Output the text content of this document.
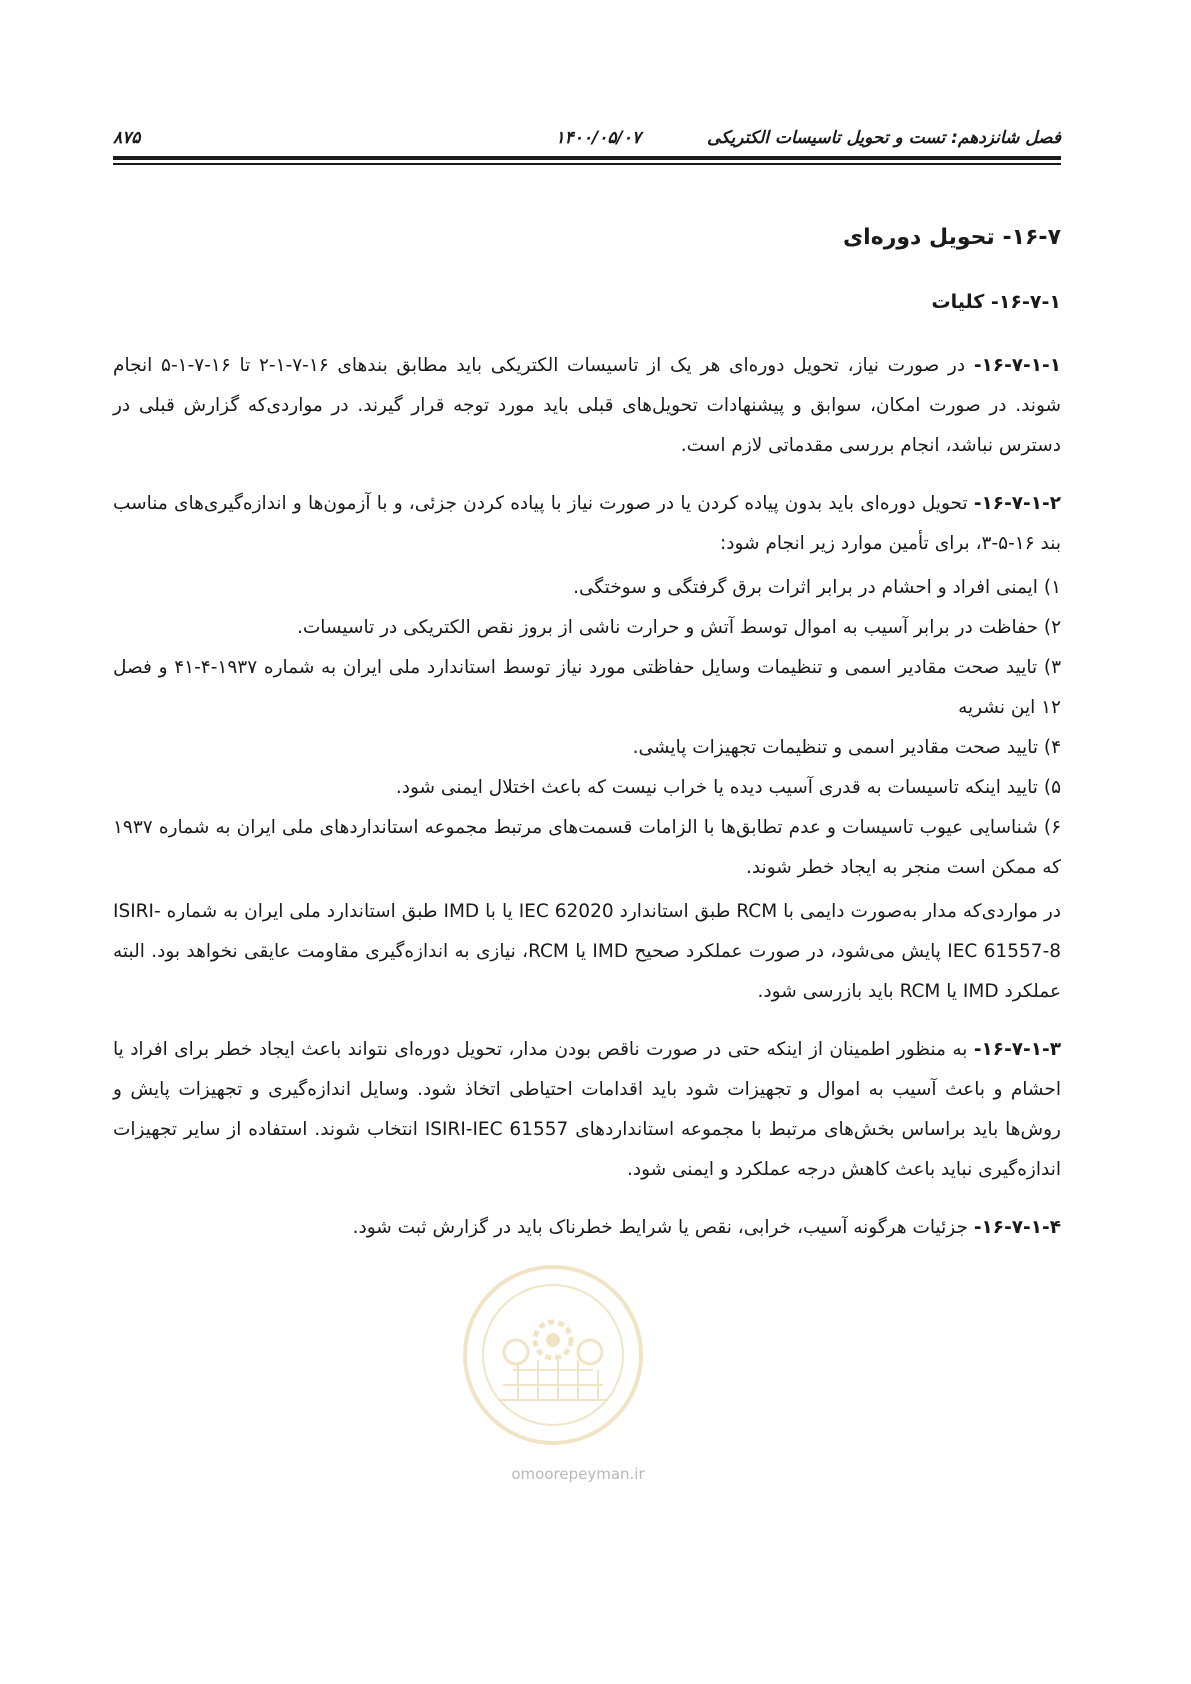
فصل شانزدهم: تست و تحویل تاسیسات الکتریکی
۱۴۰۰/۰۵/۰۷
۸۷۵
۱۶-۷- تحویل دوره‌ای
۱۶-۷-۱- کلیات

۱۶-۷-۱-۱- در صورت نیاز، تحویل دوره‌ای هر یک از تاسیسات الکتریکی باید مطابق بندهای ۱۶-۷-۱-۲ تا ۱۶-۷-۱-۵ انجام شوند. در صورت امکان، سوابق و پیشنهادات تحویل‌های قبلی باید مورد توجه قرار گیرند. در مواردی‌که گزارش قبلی در دسترس نباشد، انجام بررسی مقدماتی لازم است.

۱۶-۷-۱-۲- تحویل دوره‌ای باید بدون پیاده کردن یا در صورت نیاز با پیاده کردن جزئی، و با آزمون‌ها و اندازه‌گیری‌های مناسب بند ۱۶-۵-۳، برای تأمین موارد زیر انجام شود:

۱) ایمنی افراد و احشام در برابر اثرات برق گرفتگی و سوختگی.
۲) حفاظت در برابر آسیب به اموال توسط آتش و حرارت ناشی از بروز نقص الکتریکی در تاسیسات.
۳) تایید صحت مقادیر اسمی و تنظیمات وسایل حفاظتی مورد نیاز توسط استاندارد ملی ایران به شماره ۱۹۳۷-۴-۴۱ و فصل ۱۲ این نشریه
۴) تایید صحت مقادیر اسمی و تنظیمات تجهیزات پایشی.
۵) تایید اینکه تاسیسات به قدری آسیب دیده یا خراب نیست که باعث اختلال ایمنی شود.
۶) شناسایی عیوب تاسیسات و عدم تطابق‌ها با الزامات قسمت‌های مرتبط مجموعه استانداردهای ملی ایران به شماره ۱۹۳۷ که ممکن است منجر به ایجاد خطر شوند.

در مواردی‌که مدار به‌صورت دایمی با RCM طبق استاندارد IEC 62020 یا با IMD طبق استاندارد ملی ایران به شماره ISIRI-IEC 61557-8 پایش می‌شود، در صورت عملکرد صحیح IMD یا RCM، نیازی به اندازه‌گیری مقاومت عایقی نخواهد بود. البته عملکرد IMD یا RCM باید بازرسی شود.

۱۶-۷-۱-۳- به منظور اطمینان از اینکه حتی در صورت ناقص بودن مدار، تحویل دوره‌ای نتواند باعث ایجاد خطر برای افراد یا احشام و باعث آسیب به اموال و تجهیزات شود باید اقدامات احتیاطی اتخاذ شود. وسایل اندازه‌گیری و تجهیزات پایش و روش‌ها باید براساس بخش‌های مرتبط با مجموعه استانداردهای ISIRI-IEC 61557 انتخاب شوند. استفاده از سایر تجهیزات اندازه‌گیری نباید باعث کاهش درجه عملکرد و ایمنی شود.

۱۶-۷-۱-۴- جزئیات هرگونه آسیب، خرابی، نقص یا شرایط خطرناک باید در گزارش ثبت شود.

omoorepeyman.ir
